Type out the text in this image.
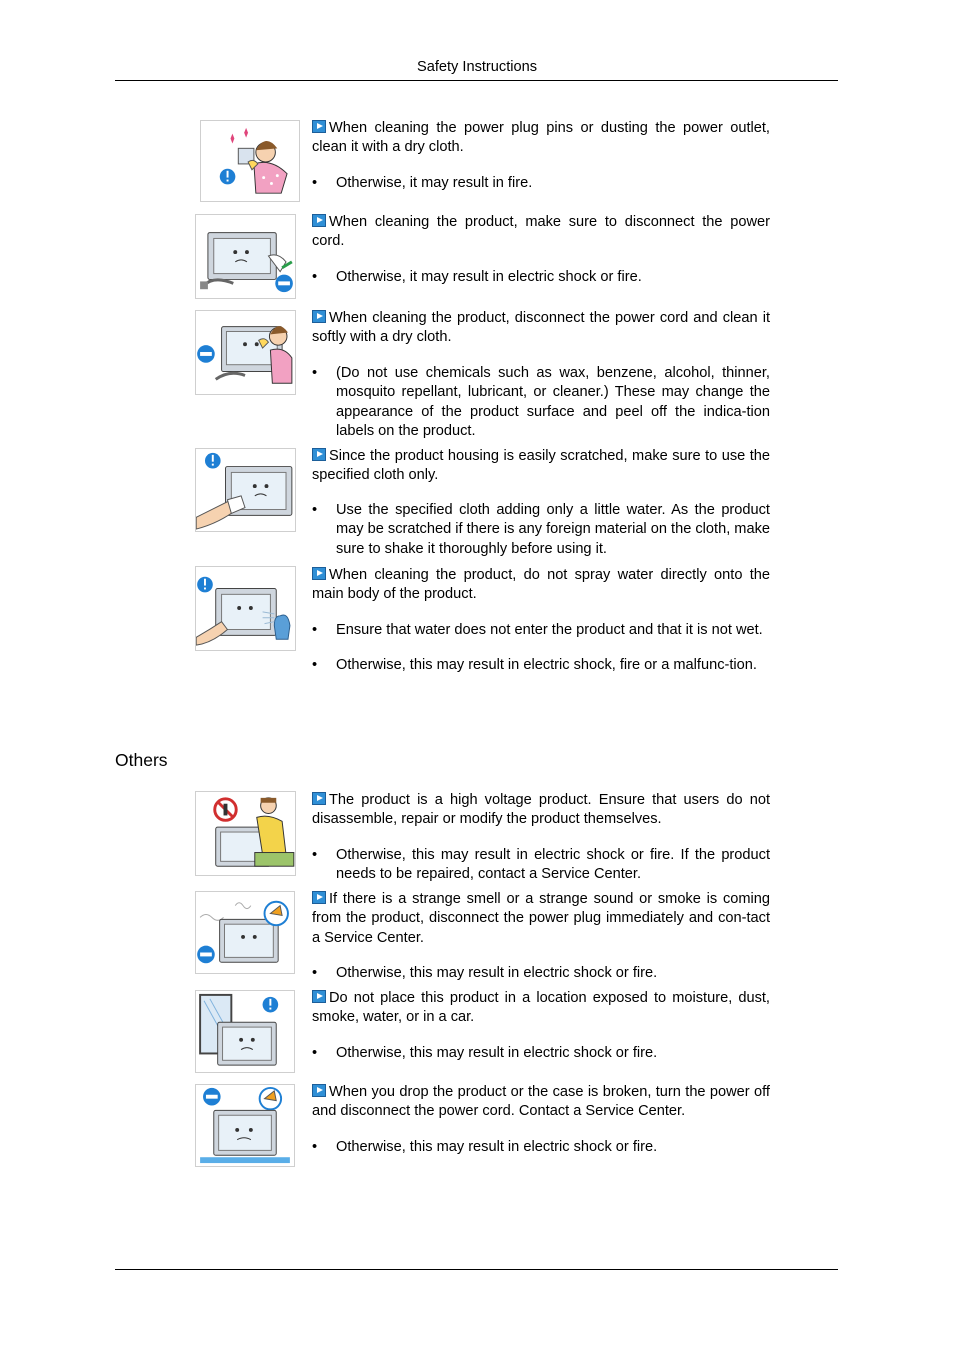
Safety Instructions

When cleaning the power plug pins or dusting the power outlet, clean it with a dry cloth.

• Otherwise, it may result in fire.

When cleaning the product, make sure to disconnect the power cord.

• Otherwise, it may result in electric shock or fire.

When cleaning the product, disconnect the power cord and clean it softly with a dry cloth.

• (Do not use chemicals such as wax, benzene, alcohol, thinner, mosquito repellant, lubricant, or cleaner.) These may change the appearance of the product surface and peel off the indica-tion labels on the product.

Since the product housing is easily scratched, make sure to use the specified cloth only.

• Use the specified cloth adding only a little water. As the product may be scratched if there is any foreign material on the cloth, make sure to shake it thoroughly before using it.

When cleaning the product, do not spray water directly onto the main body of the product.

• Ensure that water does not enter the product and that it is not wet.
• Otherwise, this may result in electric shock, fire or a malfunc-tion.
Others

The product is a high voltage product. Ensure that users do not disassemble, repair or modify the product themselves.

• Otherwise, this may result in electric shock or fire. If the product needs to be repaired, contact a Service Center.

If there is a strange smell or a strange sound or smoke is coming from the product, disconnect the power plug immediately and con-tact a Service Center.

• Otherwise, this may result in electric shock or fire.

Do not place this product in a location exposed to moisture, dust, smoke, water, or in a car.

• Otherwise, this may result in electric shock or fire.

When you drop the product or the case is broken, turn the power off and disconnect the power cord. Contact a Service Center.

• Otherwise, this may result in electric shock or fire.
